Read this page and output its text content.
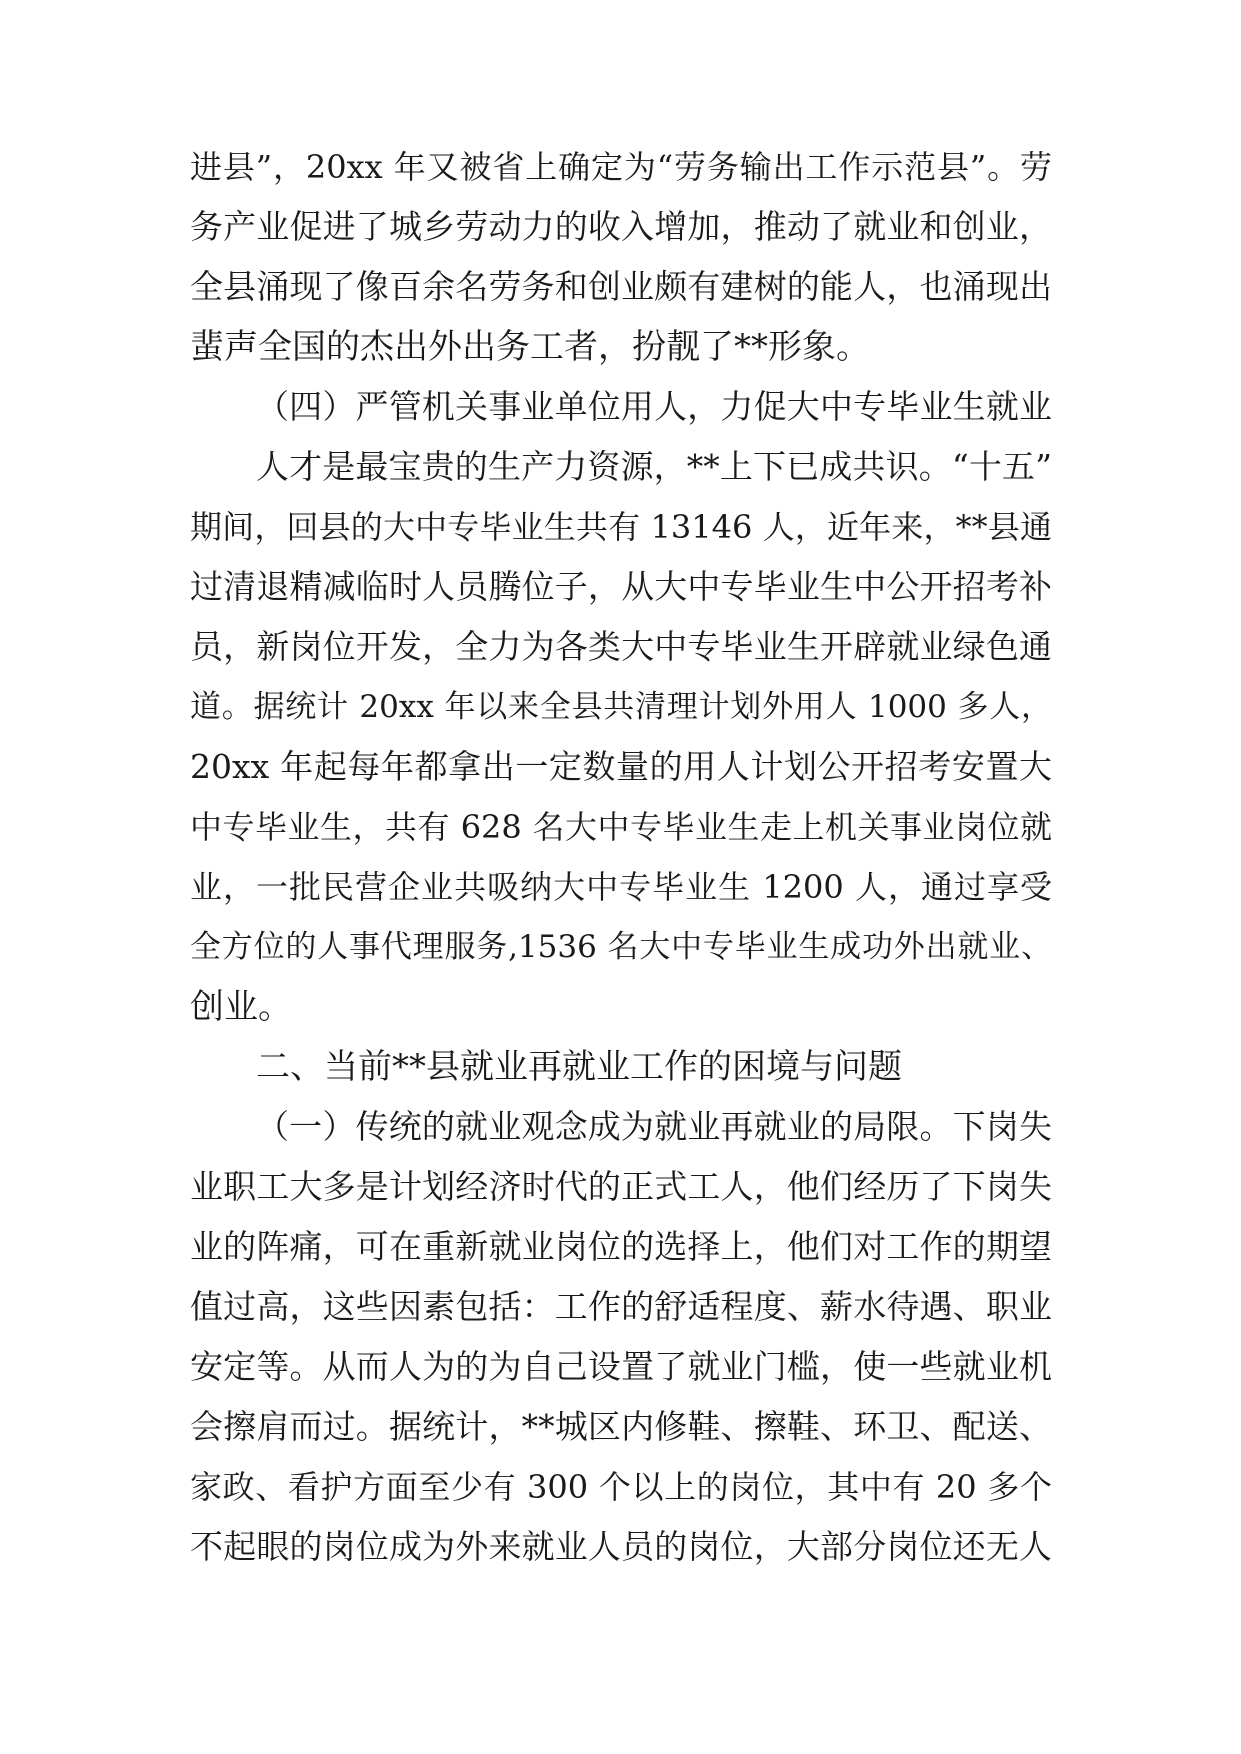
进县”，20xx 年又被省上确定为“劳务输出工作示范县”。劳
务产业促进了城乡劳动力的收入增加，推动了就业和创业，
全县涌现了像百余名劳务和创业颇有建树的能人，也涌现出
蜚声全国的杰出外出务工者，扮靓了**形象。
（四）严管机关事业单位用人，力促大中专毕业生就业
人才是最宝贵的生产力资源，**上下已成共识。“十五”
期间，回县的大中专毕业生共有 13146 人，近年来，**县通
过清退精减临时人员腾位子，从大中专毕业生中公开招考补
员，新岗位开发，全力为各类大中专毕业生开辟就业绿色通
道。据统计 20xx 年以来全县共清理计划外用人 1000 多人，
20xx 年起每年都拿出一定数量的用人计划公开招考安置大
中专毕业生，共有 628 名大中专毕业生走上机关事业岗位就
业，一批民营企业共吸纳大中专毕业生 1200 人，通过享受
全方位的人事代理服务,1536 名大中专毕业生成功外出就业、
创业。
二、当前**县就业再就业工作的困境与问题
（一）传统的就业观念成为就业再就业的局限。下岗失
业职工大多是计划经济时代的正式工人，他们经历了下岗失
业的阵痛，可在重新就业岗位的选择上，他们对工作的期望
值过高，这些因素包括：工作的舒适程度、薪水待遇、职业
安定等。从而人为的为自己设置了就业门槛，使一些就业机
会擦肩而过。据统计，**城区内修鞋、擦鞋、环卫、配送、
家政、看护方面至少有 300 个以上的岗位，其中有 20 多个
不起眼的岗位成为外来就业人员的岗位，大部分岗位还无人
